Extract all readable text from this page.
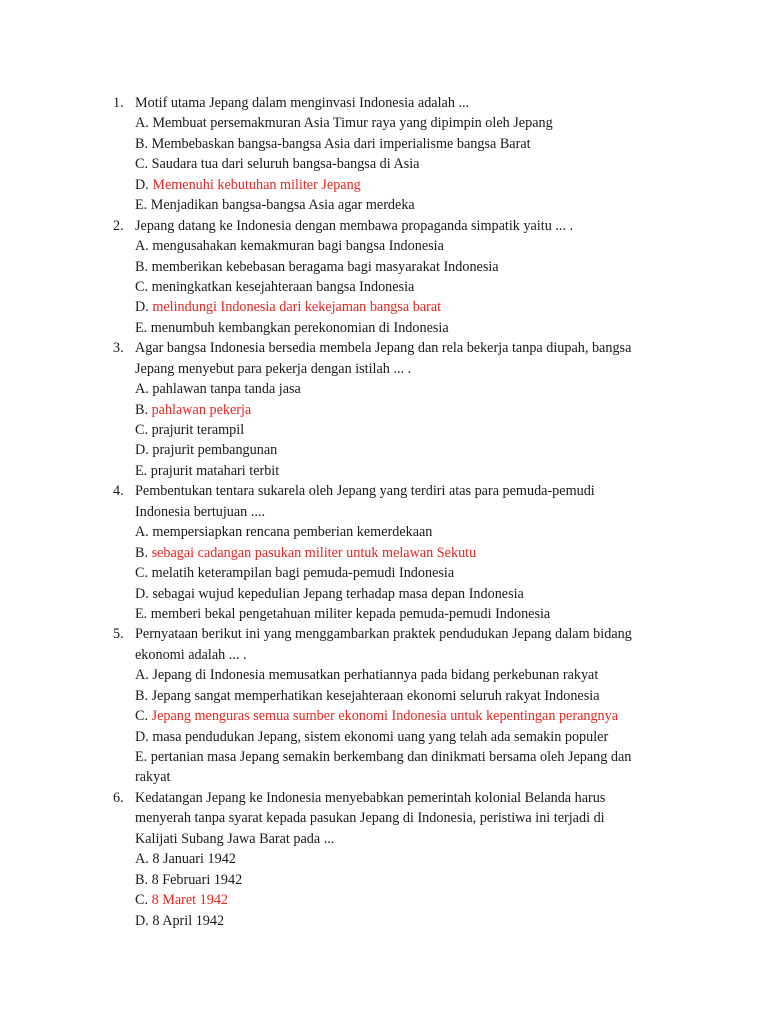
1. Motif utama Jepang dalam menginvasi Indonesia adalah ...
A. Membuat persemakmuran Asia Timur raya yang dipimpin oleh Jepang
B. Membebaskan bangsa-bangsa Asia dari imperialisme bangsa Barat
C. Saudara tua dari seluruh bangsa-bangsa di Asia
D. Memenuhi kebutuhan militer Jepang
E. Menjadikan bangsa-bangsa Asia agar merdeka
2. Jepang datang ke Indonesia dengan membawa propaganda simpatik yaitu ... .
A. mengusahakan kemakmuran bagi bangsa Indonesia
B. memberikan kebebasan beragama bagi masyarakat Indonesia
C. meningkatkan kesejahteraan bangsa Indonesia
D. melindungi Indonesia dari kekejaman bangsa barat
E. menumbuh kembangkan perekonomian di Indonesia
3. Agar bangsa Indonesia bersedia membela Jepang dan rela bekerja tanpa diupah, bangsa
Jepang menyebut para pekerja dengan istilah ... .
A. pahlawan tanpa tanda jasa
B. pahlawan pekerja
C. prajurit terampil
D. prajurit pembangunan
E. prajurit matahari terbit
4. Pembentukan tentara sukarela oleh Jepang yang terdiri atas para pemuda-pemudi
Indonesia bertujuan ....
A. mempersiapkan rencana pemberian kemerdekaan
B. sebagai cadangan pasukan militer untuk melawan Sekutu
C. melatih keterampilan bagi pemuda-pemudi Indonesia
D. sebagai wujud kepedulian Jepang terhadap masa depan Indonesia
E. memberi bekal pengetahuan militer kepada pemuda-pemudi Indonesia
5. Pernyataan berikut ini yang menggambarkan praktek pendudukan Jepang dalam bidang
ekonomi adalah ... .
A. Jepang di Indonesia memusatkan perhatiannya pada bidang perkebunan rakyat
B. Jepang sangat memperhatikan kesejahteraan ekonomi seluruh rakyat Indonesia
C. Jepang menguras semua sumber ekonomi Indonesia untuk kepentingan perangnya
D. masa pendudukan Jepang, sistem ekonomi uang yang telah ada semakin populer
E. pertanian masa Jepang semakin berkembang dan dinikmati bersama oleh Jepang dan
rakyat
6. Kedatangan Jepang ke Indonesia menyebabkan pemerintah kolonial Belanda harus
menyerah tanpa syarat kepada pasukan Jepang di Indonesia, peristiwa ini terjadi di
Kalijati Subang Jawa Barat pada ...
A. 8 Januari 1942
B. 8 Februari 1942
C. 8 Maret 1942
D. 8 April 1942
